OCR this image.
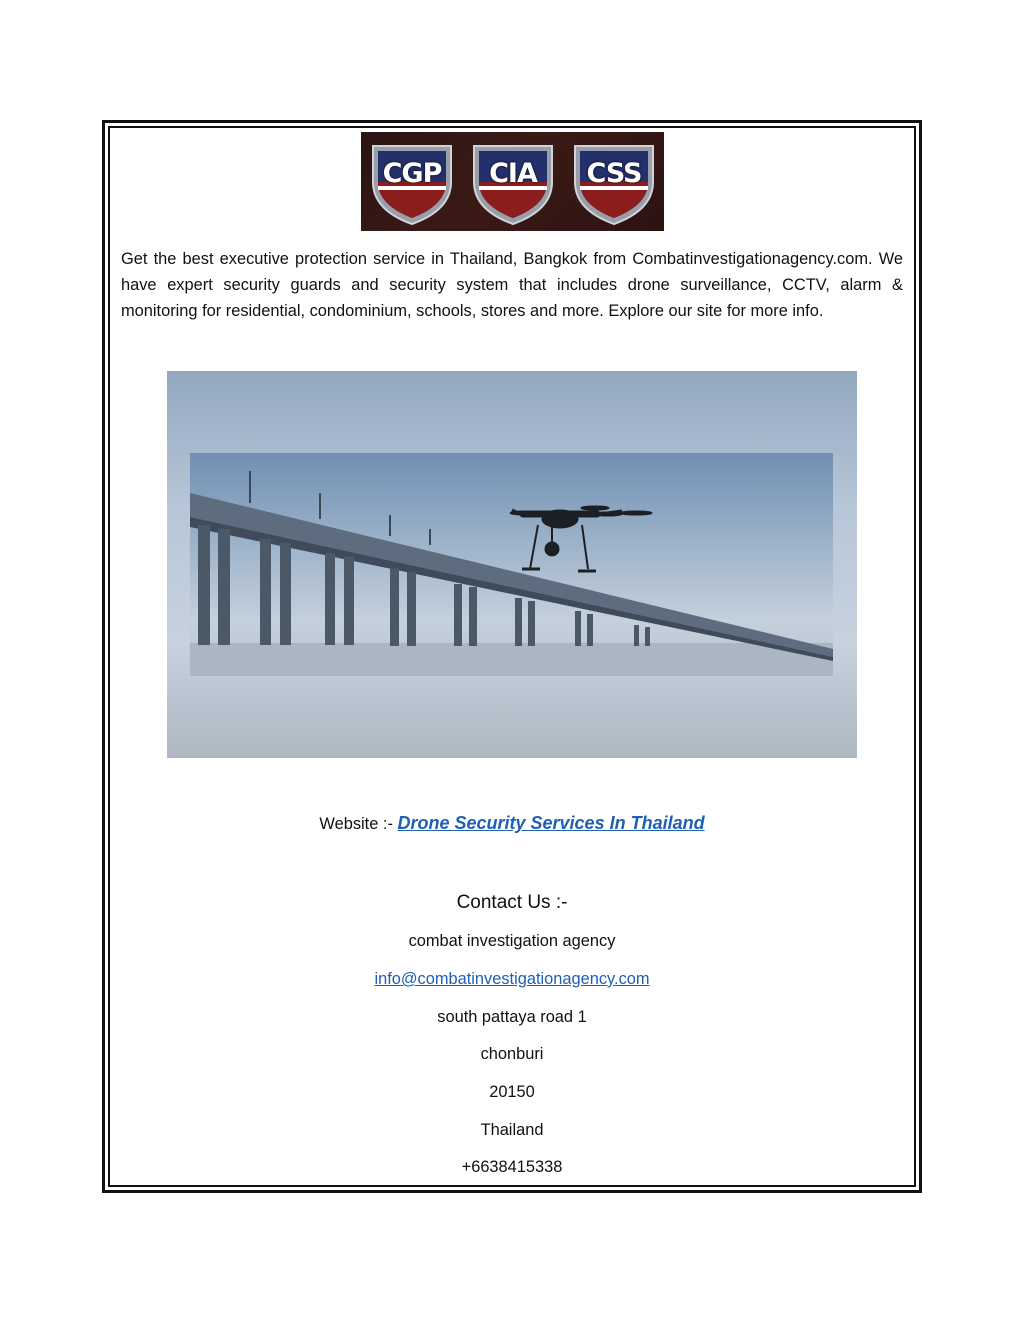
CGP	CIA	CSS

Get the best executive protection service in Thailand, Bangkok from Combatinvestigationagency.com. We have expert security guards and security system that includes drone surveillance, CCTV, alarm & monitoring for residential, condominium, schools, stores and more. Explore our site for more info.

Website :- Drone Security Services In Thailand
Contact Us :-
combat investigation agency
info@combatinvestigationagency.com
south pattaya road 1
chonburi
20150
Thailand
+6638415338
